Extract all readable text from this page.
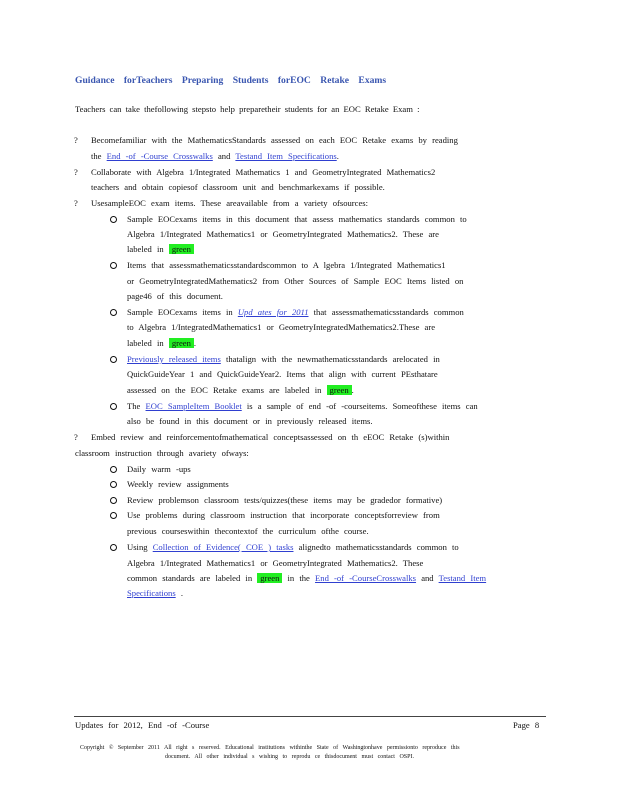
Guidance forTeachers Preparing Students forEOC Retake Exams
Teachers can take thefollowing stepsto help preparetheir students for an EOC Retake Exam :
? Becomefamiliar with the MathematicsStandards assessed on each EOC Retake exams by reading
the End -of -Course Crosswalks and Testand Item Specifications.
? Collaborate with Algebra 1/Integrated Mathematics 1 and GeometryIntegrated Mathematics2
teachers and obtain copiesof classroom unit and benchmarkexams if possible.
? UsesampleEOC exam items. These areavailable from a variety ofsources:
Sample EOCexams items in this document that assess mathematics standards common to
Algebra 1/Integrated Mathematics1 or GeometryIntegrated Mathematics2. These are
labeled in green
Items that assessmathematicsstandardscommon to A lgebra 1/Integrated Mathematics1
or GeometryIntegratedMathematics2 from Other Sources of Sample EOC Items listed on
page46 of this document.
Sample EOCexams items in Upd ates for 2011 that assessmathematicsstandards common
to Algebra 1/IntegratedMathematics1 or GeometryIntegratedMathematics2.These are
labeled in green .
Previously released items thatalign with the newmathematicsstandards arelocated in
QuickGuideYear 1 and QuickGuideYear2. Items that align with current PEsthatare
assessed on the EOC Retake exams are labeled in green .
The EOC SampleItem Booklet is a sample of end -of -courseitems. Someofthese items can
also be found in this document or in previously released items.
? Embed review and reinforcementofmathematical conceptsassessed on th eEOC Retake (s)within
classroom instruction through avariety ofways:
Daily warm -ups
Weekly review assignments
Review problemson classroom tests/quizzes(these items may be gradedor formative)
Use problems during classroom instruction that incorporate conceptsforreview from
previous courseswithin thecontextof the curriculum ofthe course.
Using Collection of Evidence( COE ) tasks alignedto mathematicsstandards common to
Algebra 1/Integrated Mathematics1 or GeometryIntegrated Mathematics2. These
common standards are labeled in green in the End -of -CourseCrosswalks and Testand Item
Specifications .
Updates for 2012, End -of -Course	Page 8
Copyright © September 2011 All right s reserved. Educational institutions withinthe State of Washingtonhave permissionto reproduce this
document. All other individual s wishing to reprodu ce thisdocument must contact OSPI.
